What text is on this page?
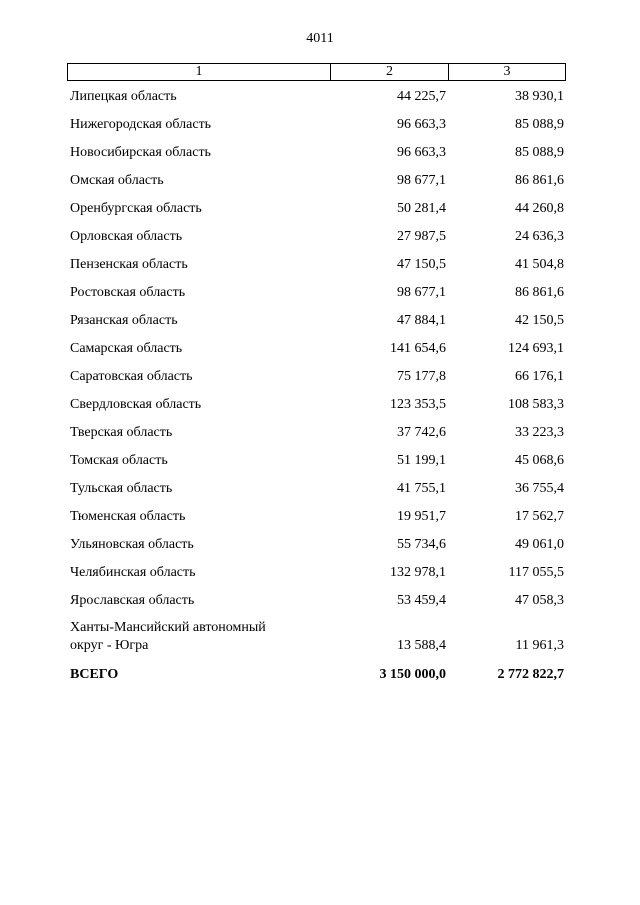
4011
1	2	3
Липецкая область	44 225,7	38 930,1
Нижегородская область	96 663,3	85 088,9
Новосибирская область	96 663,3	85 088,9
Омская область	98 677,1	86 861,6
Оренбургская область	50 281,4	44 260,8
Орловская область	27 987,5	24 636,3
Пензенская область	47 150,5	41 504,8
Ростовская область	98 677,1	86 861,6
Рязанская область	47 884,1	42 150,5
Самарская область	141 654,6	124 693,1
Саратовская область	75 177,8	66 176,1
Свердловская область	123 353,5	108 583,3
Тверская область	37 742,6	33 223,3
Томская область	51 199,1	45 068,6
Тульская область	41 755,1	36 755,4
Тюменская область	19 951,7	17 562,7
Ульяновская область	55 734,6	49 061,0
Челябинская область	132 978,1	117 055,5
Ярославская область	53 459,4	47 058,3
Ханты-Мансийский автономный
округ - Югра	13 588,4	11 961,3
ВСЕГО	3 150 000,0	2 772 822,7
